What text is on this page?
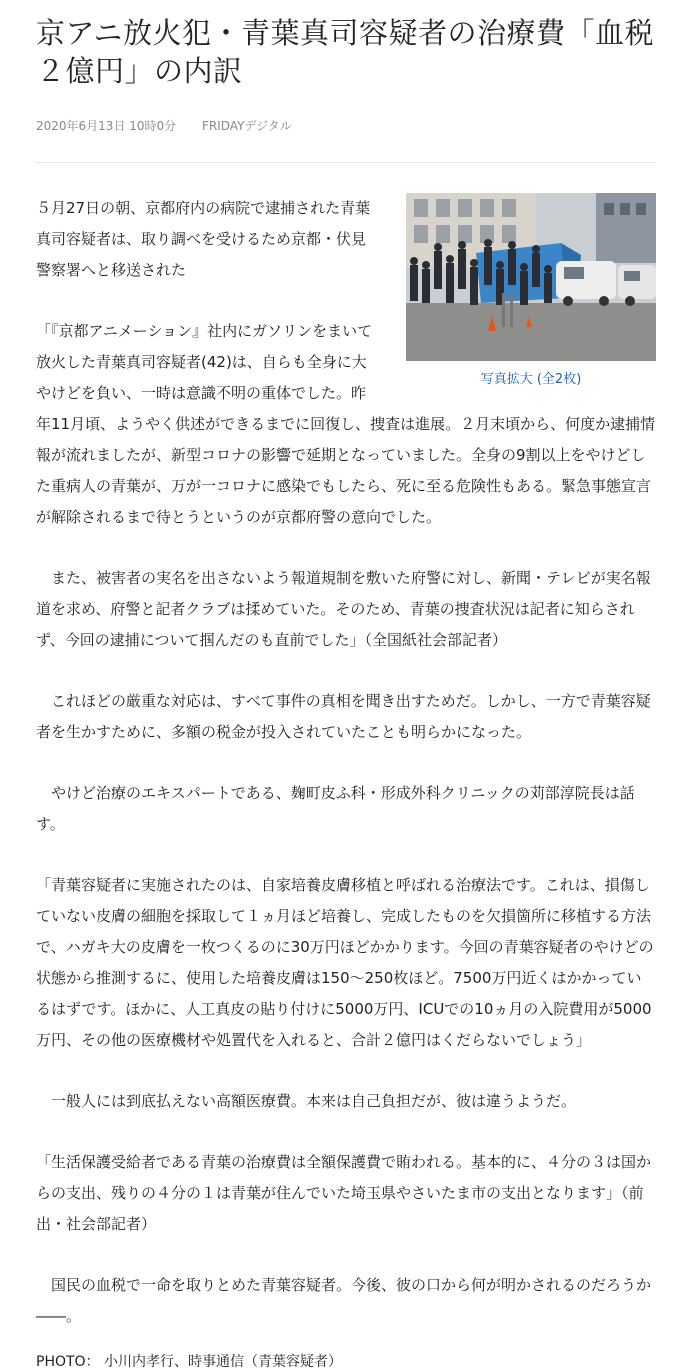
京アニ放火犯・青葉真司容疑者の治療費「血税２億円」の内訳
2020年6月13日 10時0分 FRIDAYデジタル
写真拡大 (全2枚)

５月27日の朝、京都府内の病院で逮捕された青葉真司容疑者は、取り調べを受けるため京都・伏見警察署へと移送された

「『京都アニメーション』社内にガソリンをまいて放火した青葉真司容疑者(42)は、自らも全身に大やけどを負い、一時は意識不明の重体でした。昨年11月頃、ようやく供述ができるまでに回復し、捜査は進展。２月末頃から、何度か逮捕情報が流れましたが、新型コロナの影響で延期となっていました。全身の9割以上をやけどした重病人の青葉が、万が一コロナに感染でもしたら、死に至る危険性もある。緊急事態宣言が解除されるまで待とうというのが京都府警の意向でした。

　また、被害者の実名を出さないよう報道規制を敷いた府警に対し、新聞・テレビが実名報道を求め、府警と記者クラブは揉めていた。そのため、青葉の捜査状況は記者に知らされず、今回の逮捕について掴んだのも直前でした」（全国紙社会部記者）

　これほどの厳重な対応は、すべて事件の真相を聞き出すためだ。しかし、一方で青葉容疑者を生かすために、多額の税金が投入されていたことも明らかになった。

　やけど治療のエキスパートである、麹町皮ふ科・形成外科クリニックの苅部淳院長は話す。

「青葉容疑者に実施されたのは、自家培養皮膚移植と呼ばれる治療法です。これは、損傷していない皮膚の細胞を採取して１ヵ月ほど培養し、完成したものを欠損箇所に移植する方法で、ハガキ大の皮膚を一枚つくるのに30万円ほどかかります。今回の青葉容疑者のやけどの状態から推測するに、使用した培養皮膚は150～250枚ほど。7500万円近くはかかっているはずです。ほかに、人工真皮の貼り付けに5000万円、ICUでの10ヵ月の入院費用が5000万円、その他の医療機材や処置代を入れると、合計２億円はくだらないでしょう」

　一般人には到底払えない高額医療費。本来は自己負担だが、彼は違うようだ。

「生活保護受給者である青葉の治療費は全額保護費で賄われる。基本的に、４分の３は国からの支出、残りの４分の１は青葉が住んでいた埼玉県やさいたま市の支出となります」（前出・社会部記者）

　国民の血税で一命を取りとめた青葉容疑者。今後、彼の口から何が明かされるのだろうか――。

PHOTO： 小川内孝行、時事通信（青葉容疑者）
